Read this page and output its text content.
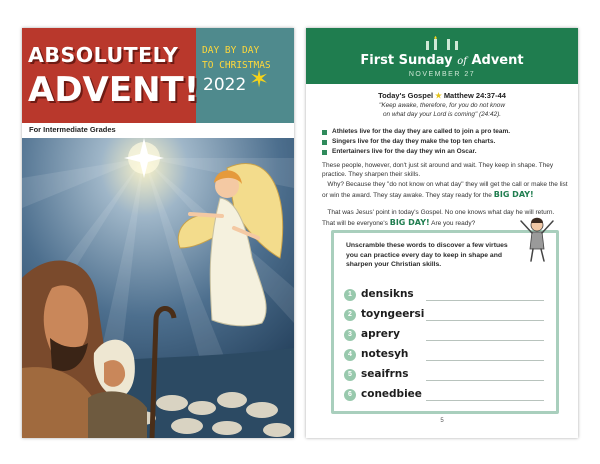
ABSOLUTELY
ADVENT!
DAY BY DAY
TO CHRISTMAS
2022 ✶
For Intermediate Grades
First Sunday of Advent
NOVEMBER 27
Today's Gospel ★ Matthew 24:37-44
"Keep awake, therefore, for you do not know
on what day your Lord is coming" (24:42).
Athletes live for the day they are called to join a pro team.
Singers live for the day they make the top ten charts.
Entertainers live for the day they win an Oscar.
These people, however, don't just sit around and wait. They keep in shape. They practice. They sharpen their skills.
Why? Because they "do not know on what day" they will get the call or make the list or win the award. They stay awake. They stay ready for the BIG DAY!
That was Jesus' point in today's Gospel. No one knows what day he will return. That will be everyone's BIG DAY! Are you ready?
Unscramble these words to discover a few virtues you can practice every day to keep in shape and sharpen your Christian skills.
1 densikns
2 toyngeersi
3 aprery
4 notesyh
5 seaifrns
6 conedbiee
5
